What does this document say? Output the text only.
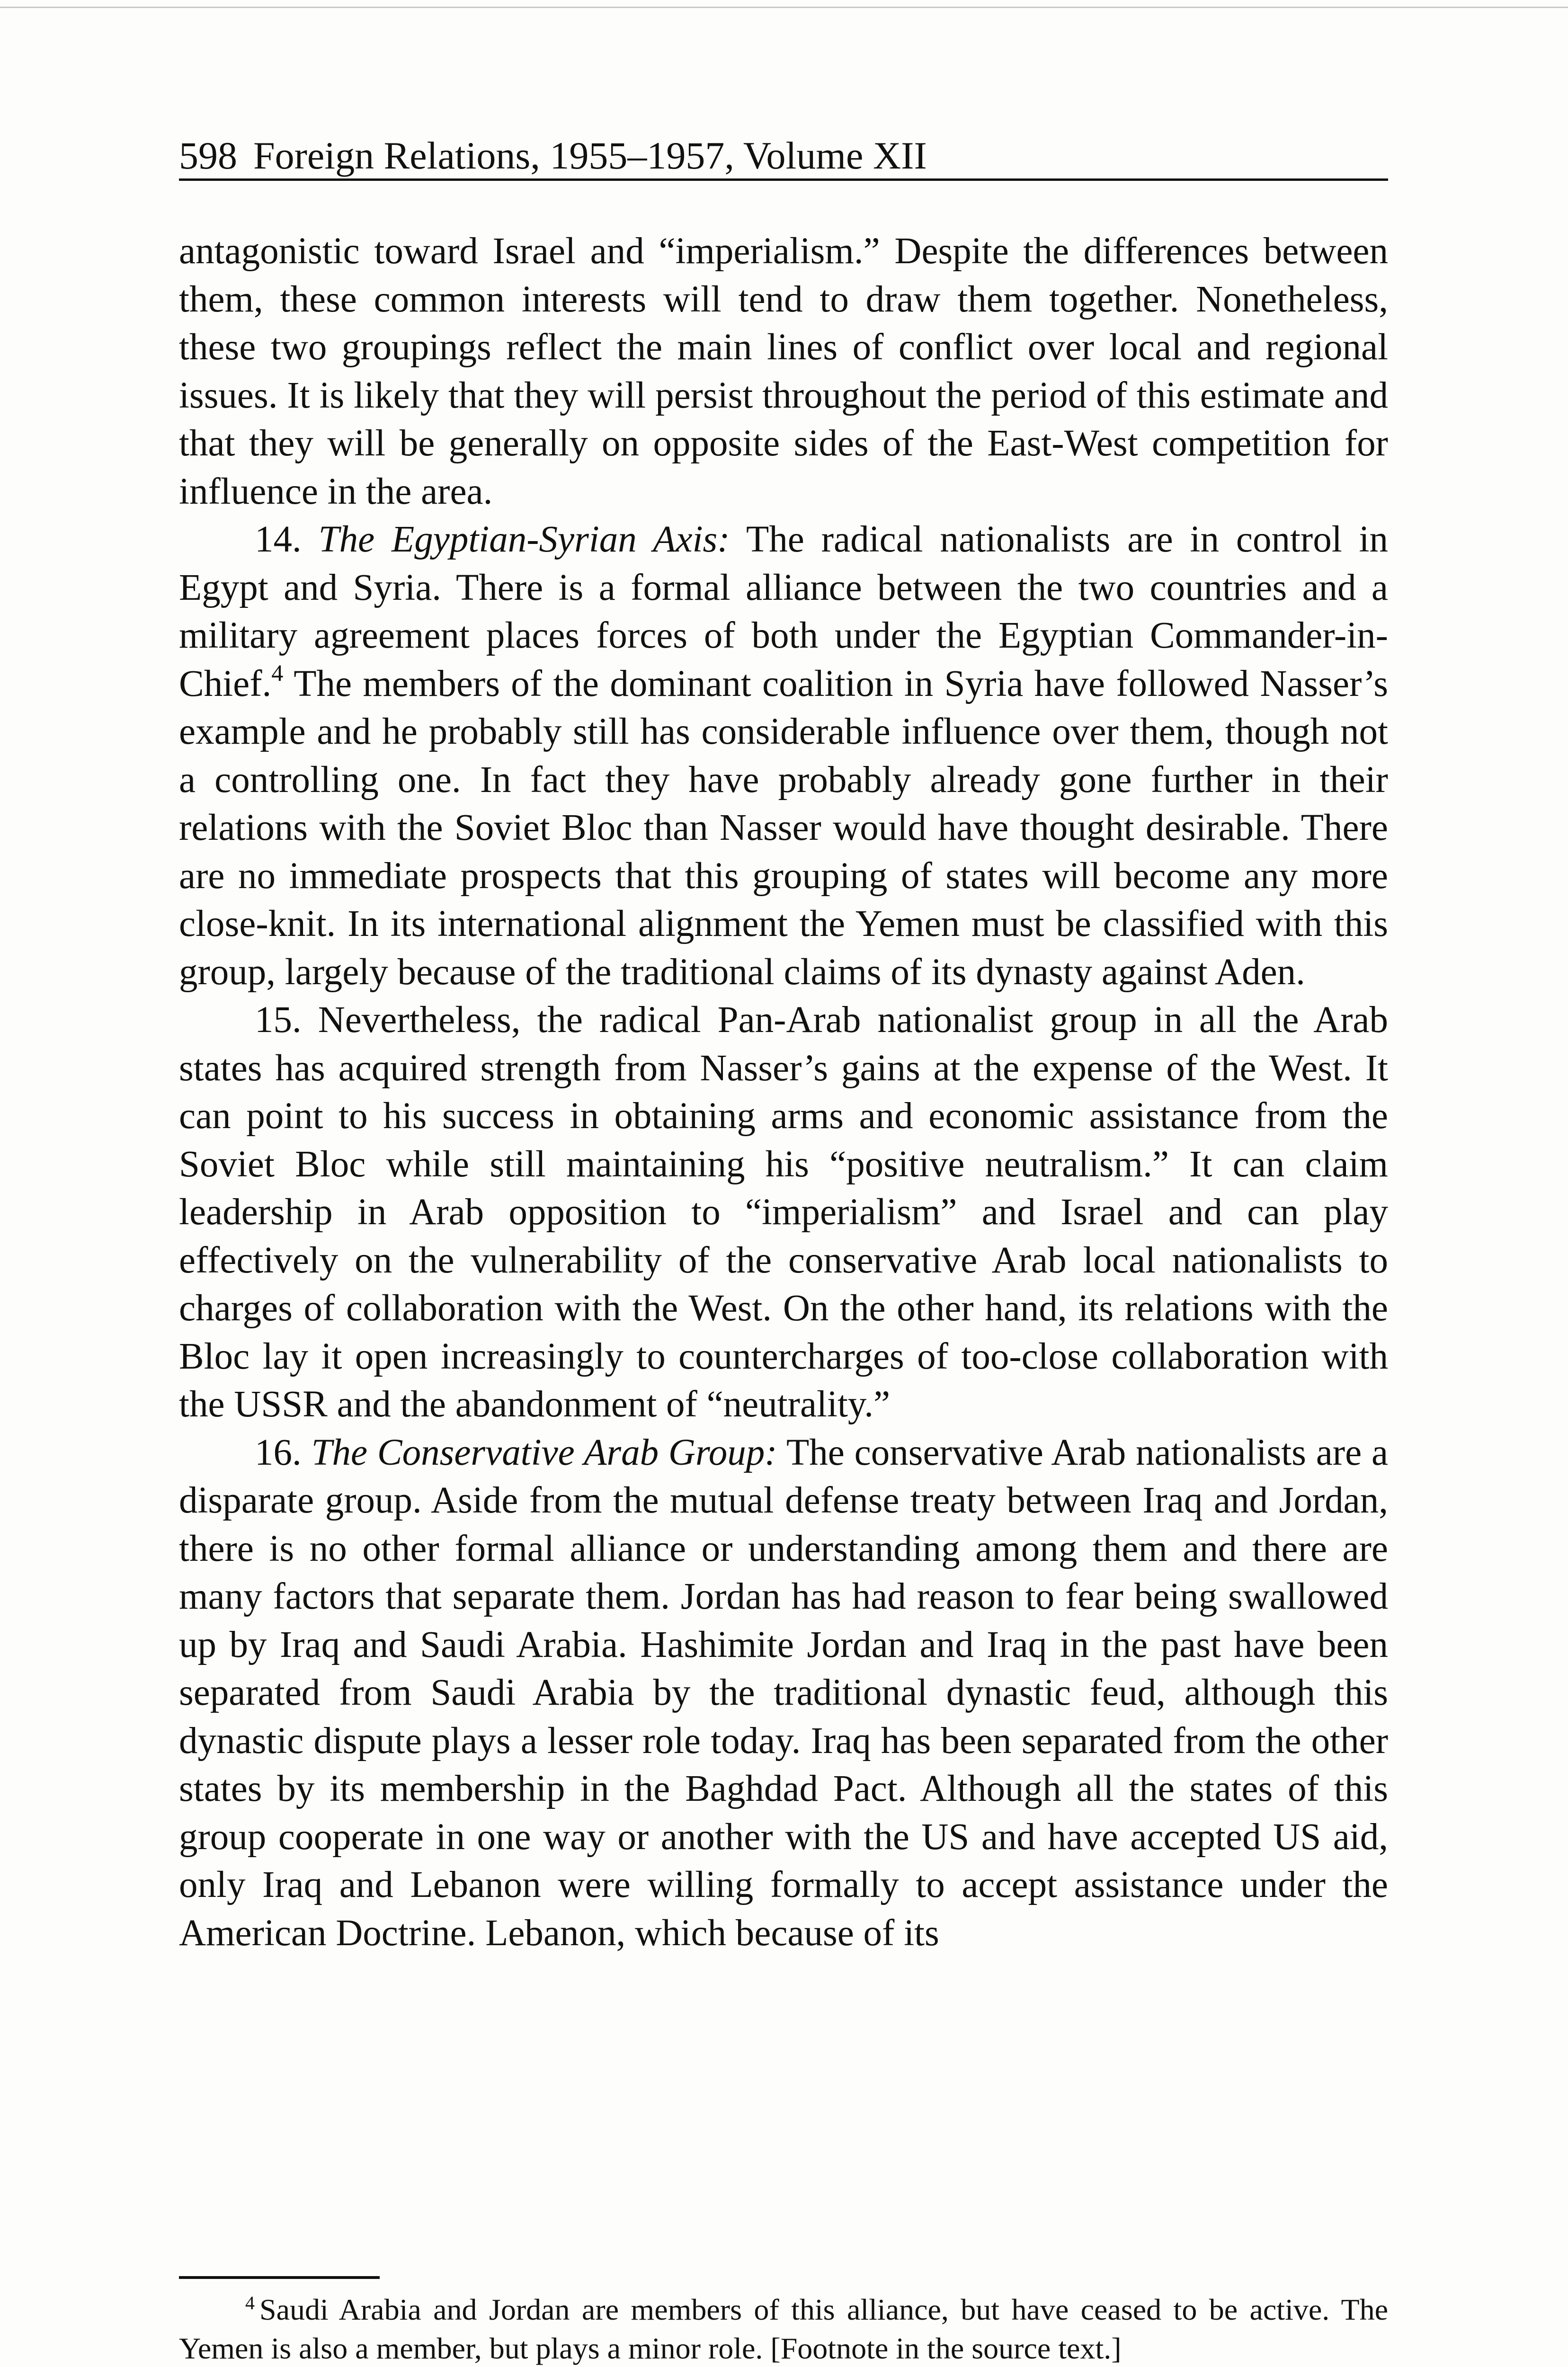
598 Foreign Relations, 1955–1957, Volume XII

antagonistic toward Israel and “imperialism.” Despite the differences between them, these common interests will tend to draw them together. Nonetheless, these two groupings reflect the main lines of conflict over local and regional issues. It is likely that they will persist throughout the period of this estimate and that they will be generally on opposite sides of the East-West competition for influence in the area.

14. The Egyptian-Syrian Axis: The radical nationalists are in control in Egypt and Syria. There is a formal alliance between the two countries and a military agreement places forces of both under the Egyptian Commander-in-Chief.$^4$ The members of the dominant coalition in Syria have followed Nasser’s example and he probably still has considerable influence over them, though not a controlling one. In fact they have probably already gone further in their relations with the Soviet Bloc than Nasser would have thought desirable. There are no immediate prospects that this grouping of states will become any more close-knit. In its international alignment the Yemen must be classified with this group, largely because of the traditional claims of its dynasty against Aden.

15. Nevertheless, the radical Pan-Arab nationalist group in all the Arab states has acquired strength from Nasser’s gains at the expense of the West. It can point to his success in obtaining arms and economic assistance from the Soviet Bloc while still maintaining his “positive neutralism.” It can claim leadership in Arab opposition to “imperialism” and Israel and can play effectively on the vulnerability of the conservative Arab local nationalists to charges of collaboration with the West. On the other hand, its relations with the Bloc lay it open increasingly to countercharges of too-close collaboration with the USSR and the abandonment of “neutrality.”

16. The Conservative Arab Group: The conservative Arab nationalists are a disparate group. Aside from the mutual defense treaty between Iraq and Jordan, there is no other formal alliance or understanding among them and there are many factors that separate them. Jordan has had reason to fear being swallowed up by Iraq and Saudi Arabia. Hashimite Jordan and Iraq in the past have been separated from Saudi Arabia by the traditional dynastic feud, although this dynastic dispute plays a lesser role today. Iraq has been separated from the other states by its membership in the Baghdad Pact. Although all the states of this group cooperate in one way or another with the US and have accepted US aid, only Iraq and Lebanon were willing formally to accept assistance under the American Doctrine. Lebanon, which because of its

$^4$ Saudi Arabia and Jordan are members of this alliance, but have ceased to be active. The Yemen is also a member, but plays a minor role. [Footnote in the source text.]
